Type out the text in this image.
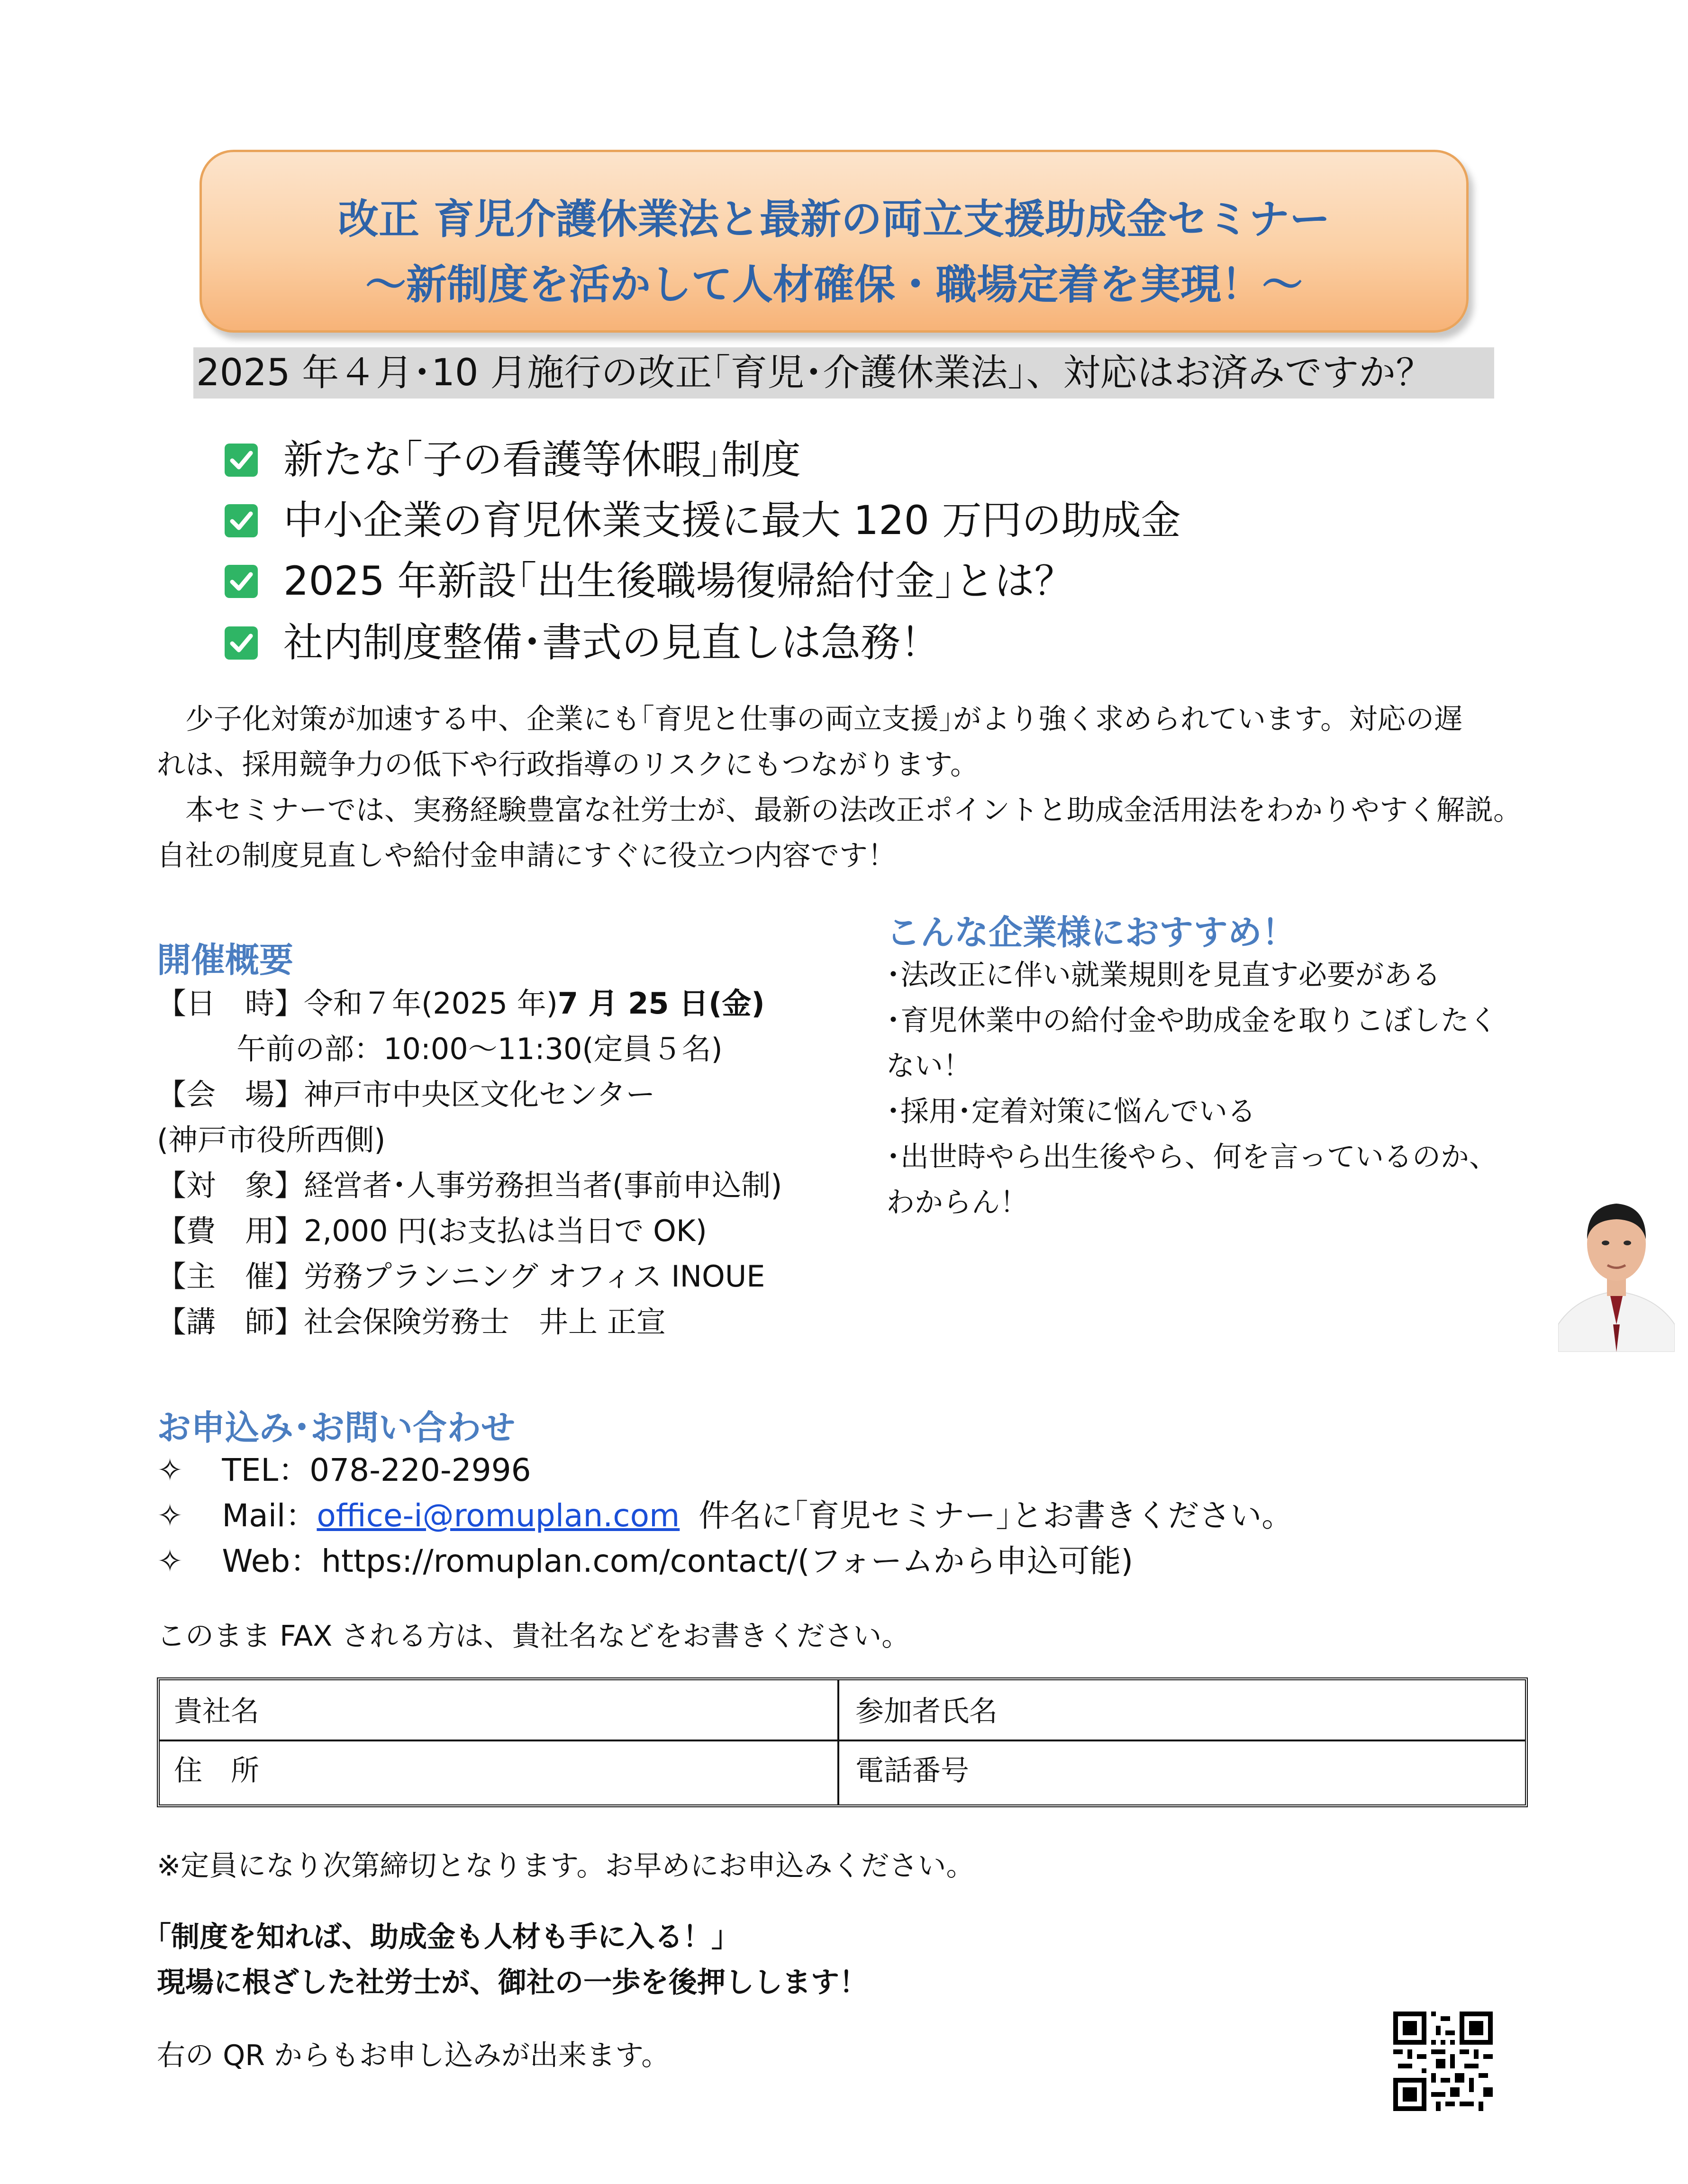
改正 育児介護休業法と最新の両立支援助成金セミナー
～新制度を活かして人材確保・職場定着を実現！～
2025 年４月･10 月施行の改正｢育児･介護休業法｣、対応はお済みですか？
新たな｢子の看護等休暇｣制度
中小企業の育児休業支援に最大 120 万円の助成金
2025 年新設｢出生後職場復帰給付金｣とは？
社内制度整備･書式の見直しは急務！
　少子化対策が加速する中、企業にも｢育児と仕事の両立支援｣がより強く求められています。対応の遅
れは、採用競争力の低下や行政指導のリスクにもつながります。
　本セミナーでは、実務経験豊富な社労士が、最新の法改正ポイントと助成金活用法をわかりやすく解説。
自社の制度見直しや給付金申請にすぐに役立つ内容です！
開催概要
【日　時】令和７年(2025 年)7 月 25 日(金)
午前の部：10:00～11:30(定員５名)
【会　場】神戸市中央区文化センター
(神戸市役所西側)
【対　象】経営者･人事労務担当者(事前申込制)
【費　用】2,000 円(お支払は当日で OK)
【主　催】労務プランニング オフィス INOUE
【講　師】社会保険労務士　井上 正宣
こんな企業様におすすめ！
･法改正に伴い就業規則を見直す必要がある
･育児休業中の給付金や助成金を取りこぼしたく
ない！
･採用･定着対策に悩んでいる
･出世時やら出生後やら、何を言っているのか、
わからん！
お申込み･お問い合わせ
✧ TEL：078-220-2996
✧ Mail：office-i@romuplan.com 件名に｢育児セミナー｣とお書きください。
✧ Web：https://romuplan.com/contact/(フォームから申込可能)
このまま FAX される方は、貴社名などをお書きください。
貴社名	参加者氏名
住　所	電話番号
※定員になり次第締切となります。お早めにお申込みください。
｢制度を知れば、助成金も人材も手に入る！｣
現場に根ざした社労士が、御社の一歩を後押しします！
右の QR からもお申し込みが出来ます。
